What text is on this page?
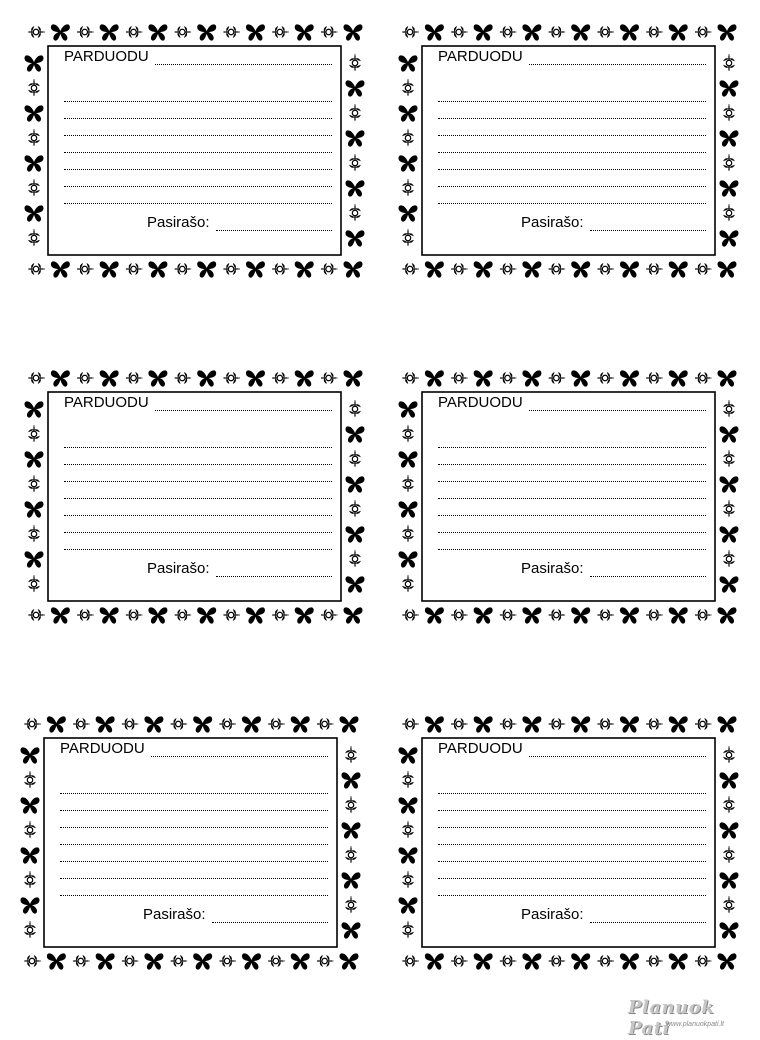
PARDUODU
Pasirašo:
PARDUODU
Pasirašo:
PARDUODU
Pasirašo:
PARDUODU
Pasirašo:
PARDUODU
Pasirašo:
PARDUODU
Pasirašo:
Planuok Pati
www.planuokpati.lt
